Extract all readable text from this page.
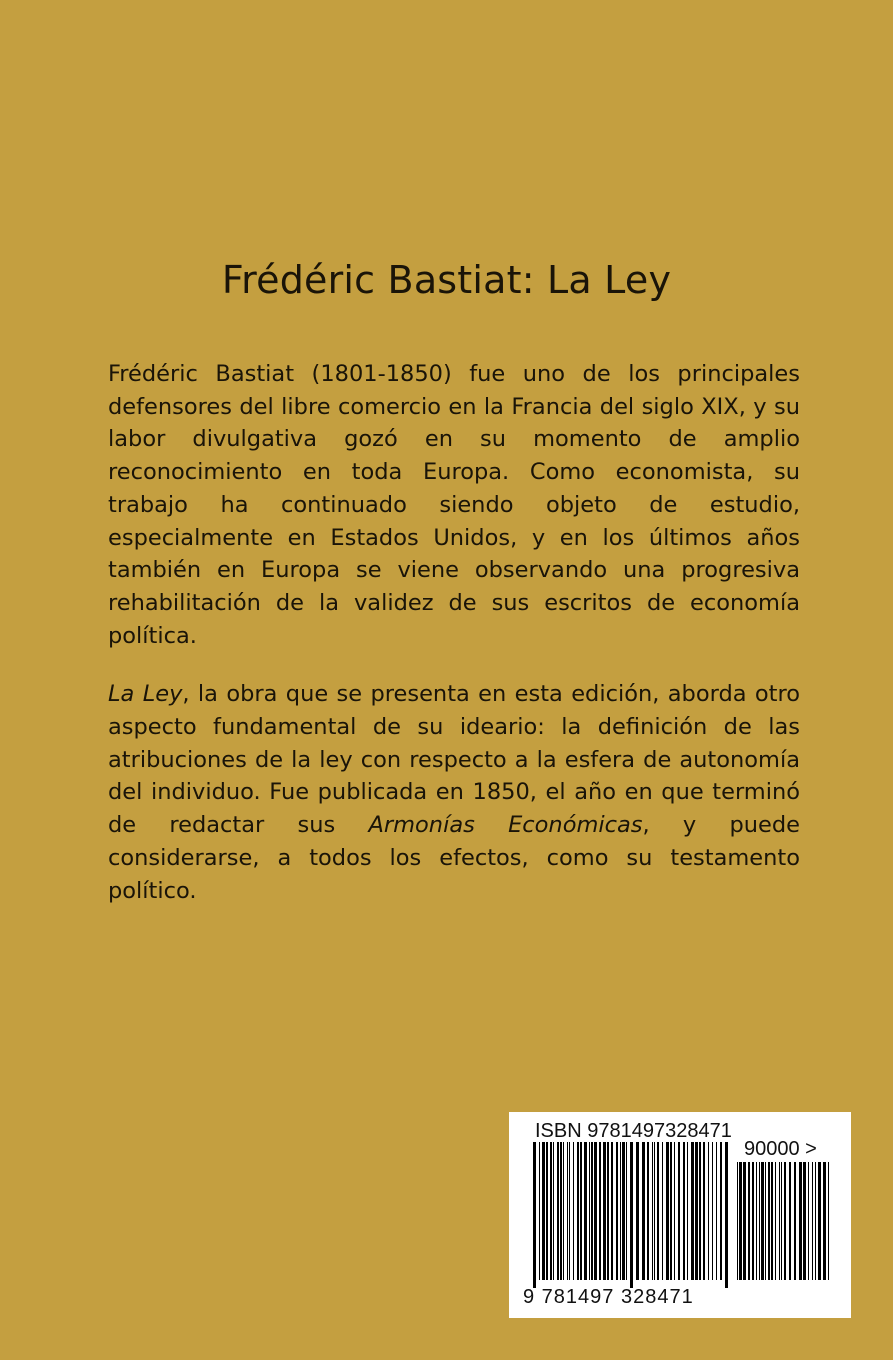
Frédéric Bastiat: La Ley

Frédéric Bastiat (1801-1850) fue uno de los principales defensores del libre comercio en la Francia del siglo XIX, y su labor divulgativa gozó en su momento de amplio reconocimiento en toda Europa. Como economista, su trabajo ha continuado siendo objeto de estudio, especialmente en Estados Unidos, y en los últimos años también en Europa se viene observando una progresiva rehabilitación de la validez de sus escritos de economía política.

La Ley, la obra que se presenta en esta edición, aborda otro aspecto fundamental de su ideario: la definición de las atribuciones de la ley con respecto a la esfera de autonomía del individuo. Fue publicada en 1850, el año en que terminó de redactar sus Armonías Económicas, y puede considerarse, a todos los efectos, como su testamento político.

ISBN 9781497328471
90000 >
9 781497 328471
